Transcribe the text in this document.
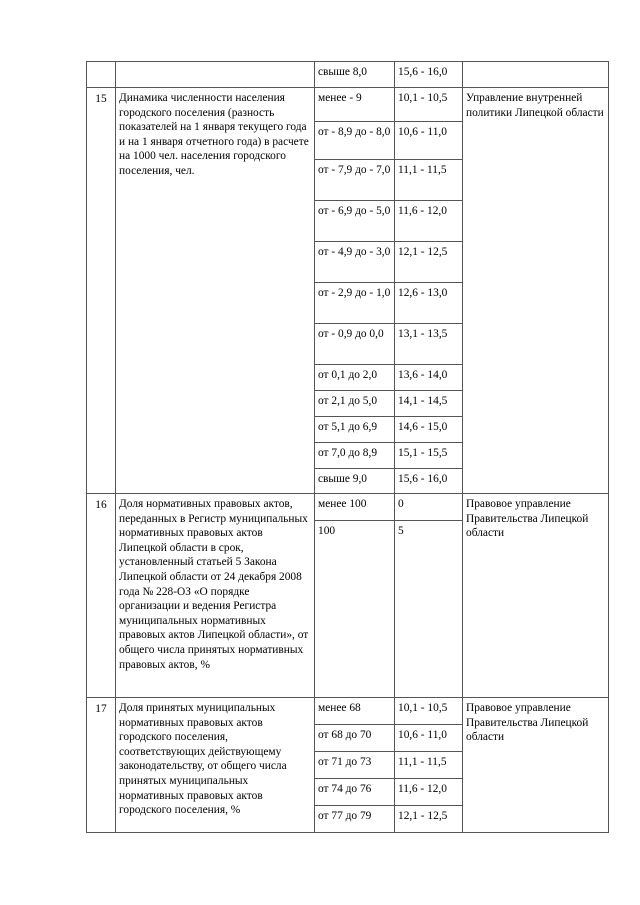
		свыше 8,0	15,6 - 16,0	
15	Динамика численности населения городского поселения (разность показателей на 1 января текущего года и на 1 января отчетного года) в расчете на 1000 чел. населения городского поселения, чел.	менее - 9	10,1 - 10,5	Управление внутренней политики Липецкой области
		от - 8,9 до - 8,0	10,6 - 11,0	
		от - 7,9 до - 7,0	11,1 - 11,5	
		от - 6,9 до - 5,0	11,6 - 12,0	
		от - 4,9 до - 3,0	12,1 - 12,5	
		от - 2,9 до - 1,0	12,6 - 13,0	
		от - 0,9 до 0,0	13,1 - 13,5	
		от 0,1 до 2,0	13,6 - 14,0	
		от 2,1 до 5,0	14,1 - 14,5	
		от 5,1 до 6,9	14,6 - 15,0	
		от 7,0 до 8,9	15,1 - 15,5	
		свыше 9,0	15,6 - 16,0	
16	Доля нормативных правовых актов, переданных в Регистр муниципальных нормативных правовых актов Липецкой области в срок, установленный статьей 5 Закона Липецкой области от 24 декабря 2008 года № 228-ОЗ «О порядке организации и ведения Регистра муниципальных нормативных правовых актов Липецкой области», от общего числа принятых нормативных правовых актов, %	менее 100	0	Правовое управление Правительства Липецкой области
		100	5	
17	Доля принятых муниципальных нормативных правовых актов городского поселения, соответствующих действующему законодательству, от общего числа принятых муниципальных нормативных правовых актов городского поселения, %	менее 68	10,1 - 10,5	Правовое управление Правительства Липецкой области
		от 68 до 70	10,6 - 11,0	
		от 71 до 73	11,1 - 11,5	
		от 74 до 76	11,6 - 12,0	
		от 77 до 79	12,1 - 12,5	
